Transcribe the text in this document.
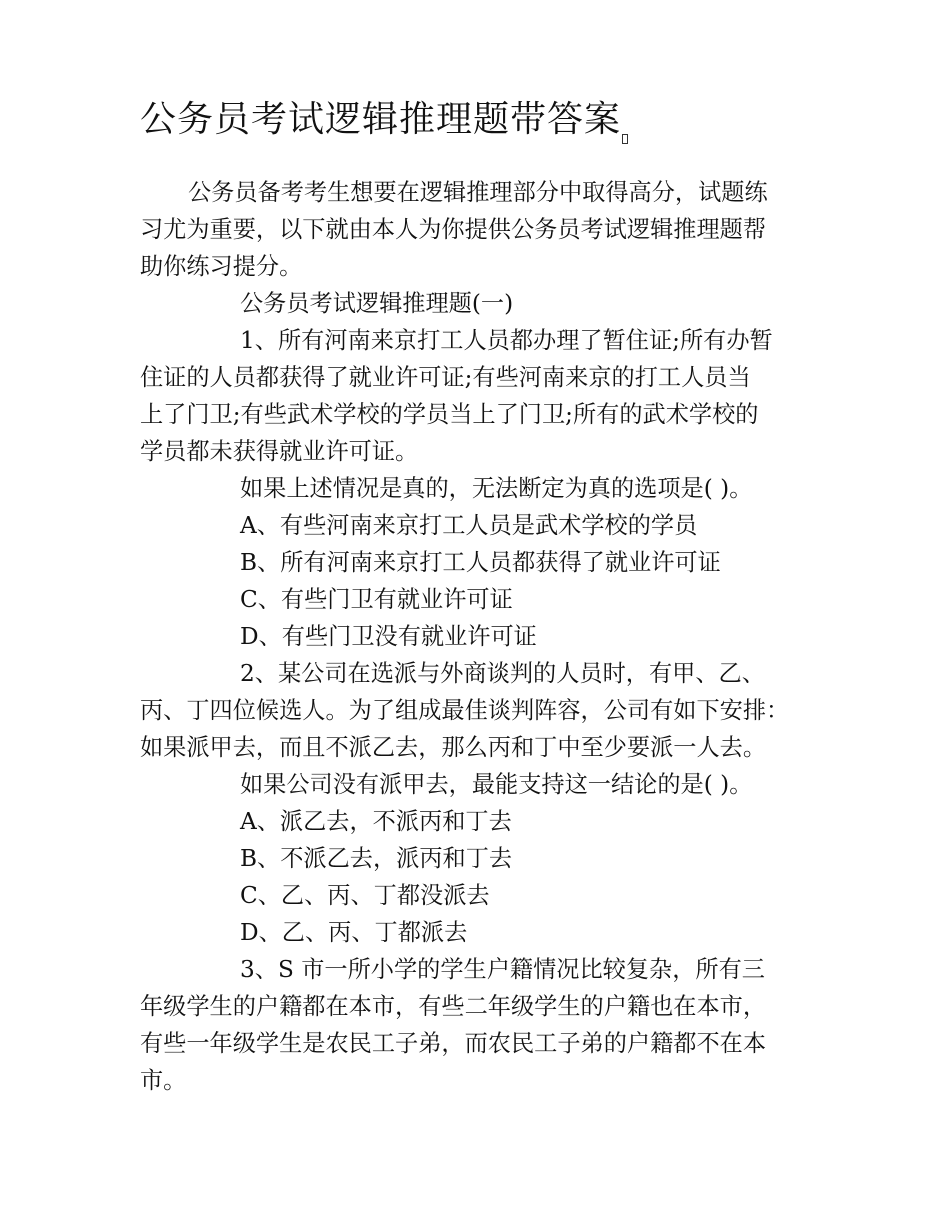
公务员考试逻辑推理题带答案
公务员备考考生想要在逻辑推理部分中取得高分，试题练
习尤为重要，以下就由本人为你提供公务员考试逻辑推理题帮
助你练习提分。
公务员考试逻辑推理题(一)
1、所有河南来京打工人员都办理了暂住证;所有办暂
住证的人员都获得了就业许可证;有些河南来京的打工人员当
上了门卫;有些武术学校的学员当上了门卫;所有的武术学校的
学员都未获得就业许可证。
如果上述情况是真的，无法断定为真的选项是( )。
A、有些河南来京打工人员是武术学校的学员
B、所有河南来京打工人员都获得了就业许可证
C、有些门卫有就业许可证
D、有些门卫没有就业许可证
2、某公司在选派与外商谈判的人员时，有甲、乙、
丙、丁四位候选人。为了组成最佳谈判阵容，公司有如下安排：
如果派甲去，而且不派乙去，那么丙和丁中至少要派一人去。
如果公司没有派甲去，最能支持这一结论的是( )。
A、派乙去，不派丙和丁去
B、不派乙去，派丙和丁去
C、乙、丙、丁都没派去
D、乙、丙、丁都派去
3、S 市一所小学的学生户籍情况比较复杂，所有三
年级学生的户籍都在本市，有些二年级学生的户籍也在本市，
有些一年级学生是农民工子弟，而农民工子弟的户籍都不在本
市。
